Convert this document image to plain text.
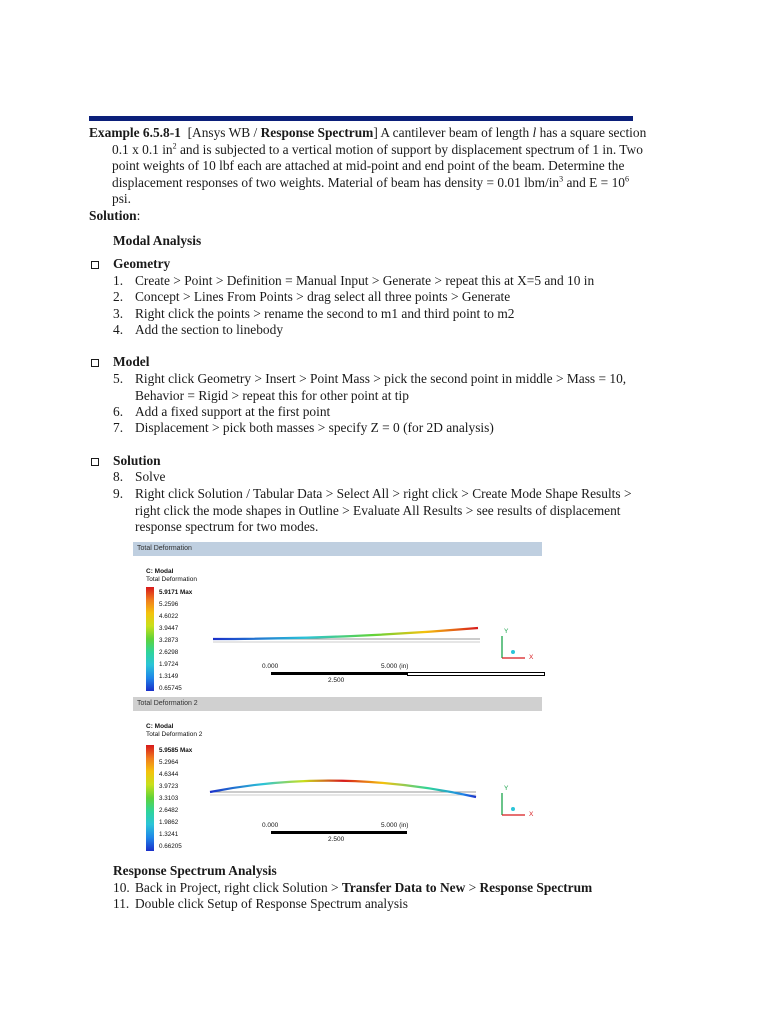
Example 6.5.8-1 [Ansys WB / Response Spectrum] A cantilever beam of length l has a square section
0.1 x 0.1 $in^2$ and is subjected to a vertical motion of support by displacement spectrum of 1 in. Two
point weights of 10 lbf each are attached at mid-point and end point of the beam. Determine the
displacement responses of two weights. Material of beam has density = 0.01 lbm/$in^3$ and $E = 10^6$ psi.
Solution:
Modal Analysis
Geometry
1. Create > Point > Definition = Manual Input > Generate > repeat this at X=5 and 10 in
2. Concept > Lines From Points > drag select all three points > Generate
3. Right click the points > rename the second to m1 and third point to m2
4. Add the section to linebody
Model
5. Right click Geometry > Insert > Point Mass > pick the second point in middle > Mass = 10,
Behavior = Rigid > repeat this for other point at tip
6. Add a fixed support at the first point
7. Displacement > pick both masses > specify Z = 0 (for 2D analysis)
Solution
8. Solve
9. Right click Solution / Tabular Data > Select All > right click > Create Mode Shape Results >
right click the mode shapes in Outline > Evaluate All Results > see results of displacement
response spectrum for two modes.
Total Deformation
C: Modal
Total Deformation
5.9171 Max
5.2596
4.6022
3.9447
3.2873
2.6298
1.9724
1.3149
0.65745
0.000	5.000 (in)
2.500
Y
X
Total Deformation 2
C: Modal
Total Deformation 2
5.9585 Max
5.2964
4.6344
3.9723
3.3103
2.6482
1.9862
1.3241
0.66205
0.000	5.000 (in)
2.500
Y
X
Response Spectrum Analysis
10. Back in Project, right click Solution > Transfer Data to New > Response Spectrum
11. Double click Setup of Response Spectrum analysis
